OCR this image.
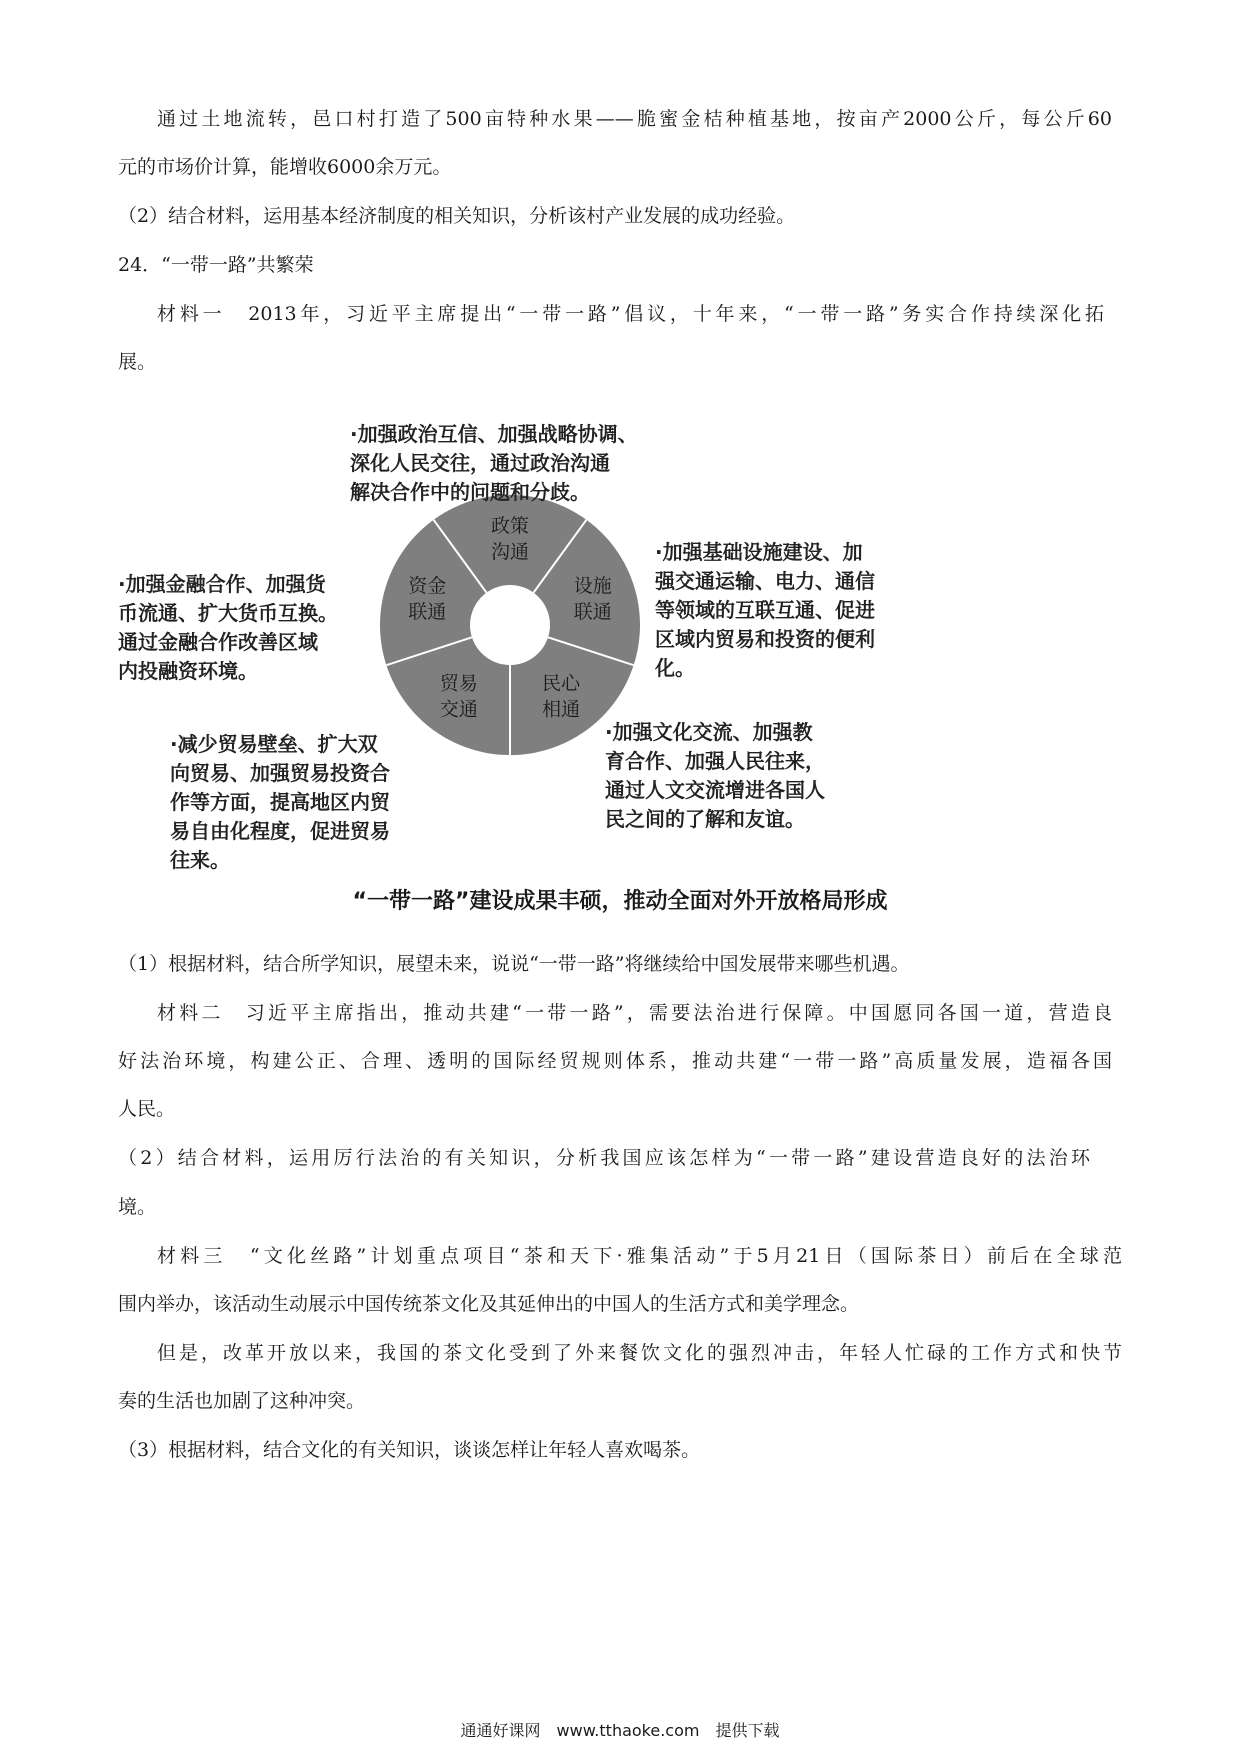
通过土地流转，邑口村打造了500亩特种水果——脆蜜金桔种植基地，按亩产2000公斤，每公斤60
元的市场价计算，能增收6000余万元。
（2）结合材料，运用基本经济制度的相关知识，分析该村产业发展的成功经验。
24．“一带一路”共繁荣
材料一　2013年，习近平主席提出“一带一路”倡议，十年来，“一带一路”务实合作持续深化拓
展。
政策
沟通
设施
联通
民心
相通
贸易
交通
资金
联通
·加强政治互信、加强战略协调、
深化人民交往，通过政治沟通
解决合作中的问题和分歧。
·加强基础设施建设、加
强交通运输、电力、通信
等领域的互联互通、促进
区域内贸易和投资的便利
化。
·加强金融合作、加强货
币流通、扩大货币互换。
通过金融合作改善区域
内投融资环境。
·减少贸易壁垒、扩大双
向贸易、加强贸易投资合
作等方面，提高地区内贸
易自由化程度，促进贸易
往来。
·加强文化交流、加强教
育合作、加强人民往来，
通过人文交流增进各国人
民之间的了解和友谊。
“一带一路”建设成果丰硕，推动全面对外开放格局形成
（1）根据材料，结合所学知识，展望未来，说说“一带一路”将继续给中国发展带来哪些机遇。
材料二　习近平主席指出，推动共建“一带一路”，需要法治进行保障。中国愿同各国一道，营造良
好法治环境，构建公正、合理、透明的国际经贸规则体系，推动共建“一带一路”高质量发展，造福各国
人民。
（2）结合材料，运用厉行法治的有关知识，分析我国应该怎样为“一带一路”建设营造良好的法治环
境。
材料三　“文化丝路”计划重点项目“茶和天下·雅集活动”于5月21日（国际茶日）前后在全球范
围内举办，该活动生动展示中国传统茶文化及其延伸出的中国人的生活方式和美学理念。
但是，改革开放以来，我国的茶文化受到了外来餐饮文化的强烈冲击，年轻人忙碌的工作方式和快节
奏的生活也加剧了这种冲突。
（3）根据材料，结合文化的有关知识，谈谈怎样让年轻人喜欢喝茶。
通通好课网　www.tthaoke.com　提供下载
